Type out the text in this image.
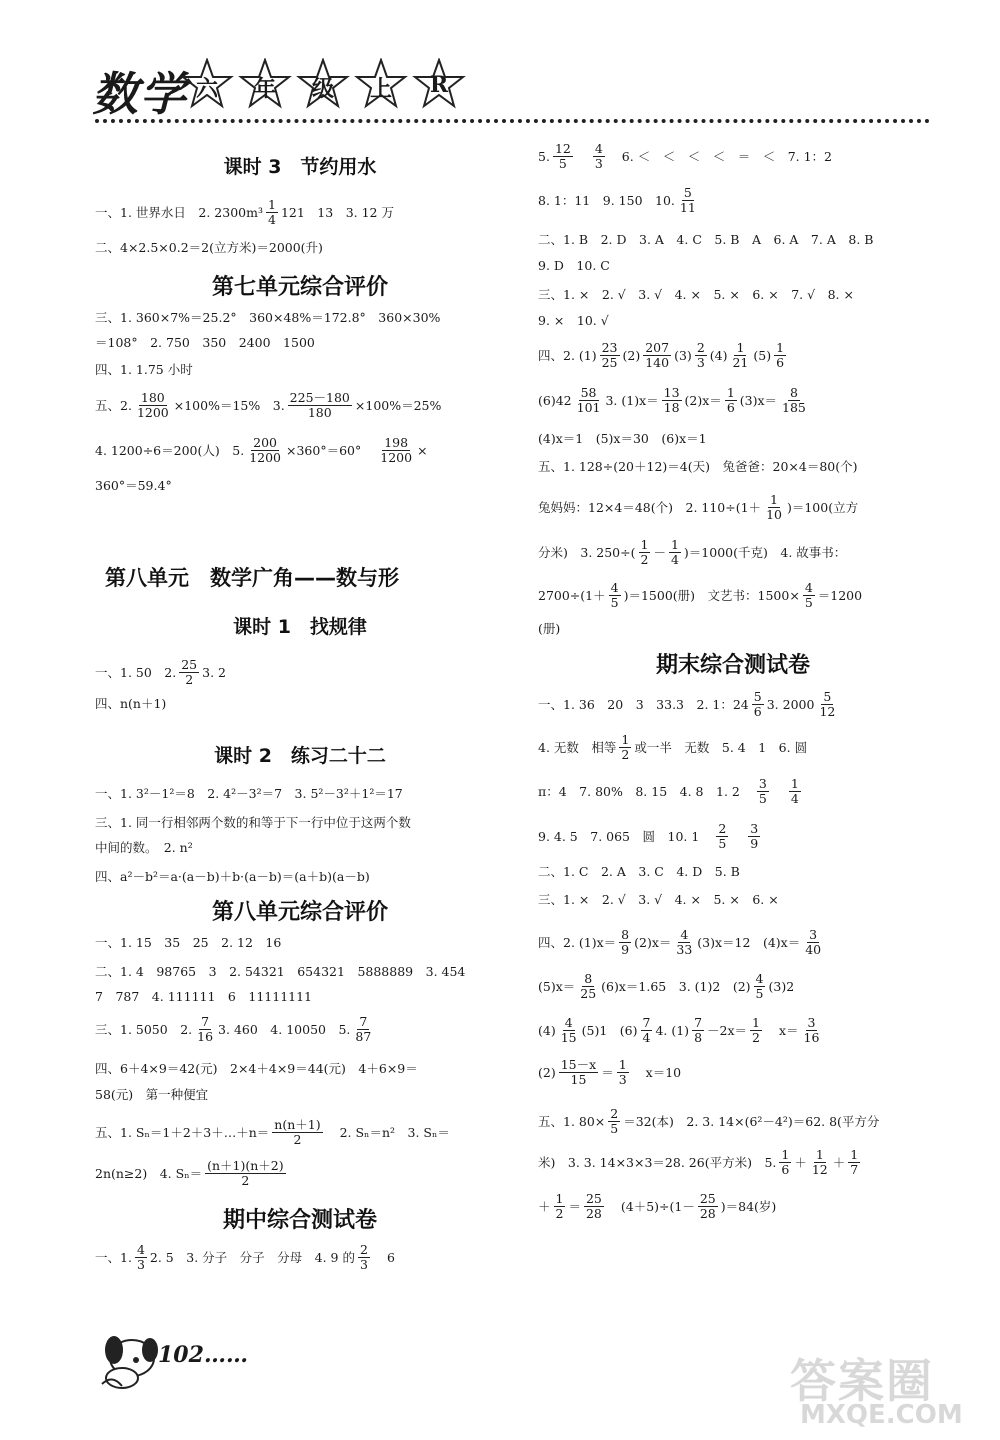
数学 六	年	级	上	R
课时 3　节约用水
一、1. 世界水日　2. $2300m^3 \frac{1}{4} 121$　13　3. 12 万
二、4×2.5×0.2＝2(立方米)＝2000(升)
第七单元综合评价
三、1. 360×7%＝25.2°　360×48%＝172.8°　360×30%
＝108°　2. 750　350　2400　1500
四、1. 1.75 小时
五、2. $\frac{180}{1200} \times 100\%=15\%$　3. $\frac{225-180}{180} \times 100\%=25\%$
4. 1200÷6＝200(人)　5. $\frac{200}{1200} \times 360^\circ=60^\circ \frac{198}{1200}$ ×
360°＝59.4°
第八单元　数学广角——数与形
课时 1　找规律
一、1. 50　2. $\frac{25}{2} 3$. 2
四、n(n＋1)
课时 2　练习二十二
一、1. 3²－1²＝8　2. 4²－3²＝7　3. 5²－3²＋1²＝17
三、1. 同一行相邻两个数的和等于下一行中位于这两个数
中间的数。　2. n²
四、a²－b²＝a·(a－b)＋b·(a－b)＝(a＋b)(a－b)
第八单元综合评价
一、1. 15　35　25　2. 12　16
二、1. 4　98765　3　2. 54321　654321　5888889　3. 454
7　787　4. 111111　6　11111111
三、1. 5050　2. $\frac{7}{16} 3$. 460　4. 10050　5. $\frac{7}{87}$
四、6＋4×9＝42(元)　2×4＋4×9＝44(元)　4＋6×9＝
58(元)　第一种便宜
五、1. Sₙ＝1＋2＋3＋…＋n＝ $\frac{n(n+1)}{2} 2$. Sₙ＝n²　3. Sₙ＝
2n(n≥2)　4. $S_n= \frac{(n+1)(n+2)}{2}$
期中综合测试卷
一、1. $\frac{4}{3} 2$. 5　3. 分子　分子　分母　4. 9 的 $\frac{2}{3} 6$
5. $\frac{12}{5} \frac{4}{3} 6$. ＜　＜　＜　＜　＝　＜　7. 1：2
8. 1：11　9. 150　10. $\frac{5}{11}$
二、1. B　2. D　3. A　4. C　5. B　A　6. A　7. A　8. B
9. D　10. C
三、1. ×　2. √　3. √　4. ×　5. ×　6. ×　7. √　8. ×
9. ×　10. √
四、2. $(1) \frac{23}{25} (2) \frac{207}{140} (3) \frac{2}{3} (4) \frac{1}{21} (5) \frac{1}{6}$
$(6)42 \frac{58}{101} 3$. $(1)x= \frac{13}{18} (2)x= \frac{1}{6} (3)x= \frac{8}{185}$
(4)x＝1　(5)x＝30　(6)x＝1
五、1. 128÷(20＋12)＝4(天)　兔爸爸：20×4＝80(个)
兔妈妈：12×4＝48(个)　2. $110\div(1+ \frac{1}{10} )=100$(立方
分米)　3. $250\div( \frac{1}{2} - \frac{1}{4} )=1000$(千克)　4. 故事书：
$2700\div(1+ \frac{4}{5} )=1500$(册)　文艺书：$1500\times \frac{4}{5} =1200$
(册)
期末综合测试卷
一、1. 36　20　3　33.3　2. 1：$24 \frac{5}{6} 3$. $2000 \frac{5}{12}$
4. 无数　相等 $\frac{1}{2}$ 或一半　无数　5. 4　1　6. 圆
π：4　7. 80%　8. 15　4. 8　1. $2 \frac{3}{5} \frac{1}{4}$
9. 4. 5　7. 065　圆　10. $1 \frac{2}{5} \frac{3}{9}$
二、1. C　2. A　3. C　4. D　5. B
三、1. ×　2. √　3. √　4. ×　5. ×　6. ×
四、2. $(1)x= \frac{8}{9} (2)x= \frac{4}{33} (3)x=12$　$(4)x= \frac{3}{40}$
$(5)x= \frac{8}{25} (6)x=1.65$　3. (1)2　$(2) \frac{4}{5} (3)2$
$(4) \frac{4}{15} (5)1$　$(6) \frac{7}{4} 4$. $(1) \frac{7}{8} -2x= \frac{1}{2} x= \frac{3}{16}$
$(2) \frac{15-x}{15} = \frac{1}{3} x=10$
五、1. $80\times \frac{2}{5} =32$(本)　2. 3. 14×(6²－4²)＝62. 8(平方分
米)　3. 3. 14×3×3＝28. 26(平方米)　5. $\frac{1}{6} + \frac{1}{12} + \frac{1}{7}$
＋ $\frac{1}{2} = \frac{25}{28} (4+5)\div(1- \frac{25}{28} )=84$(岁)
102……	答案圈
MXQE.COM
